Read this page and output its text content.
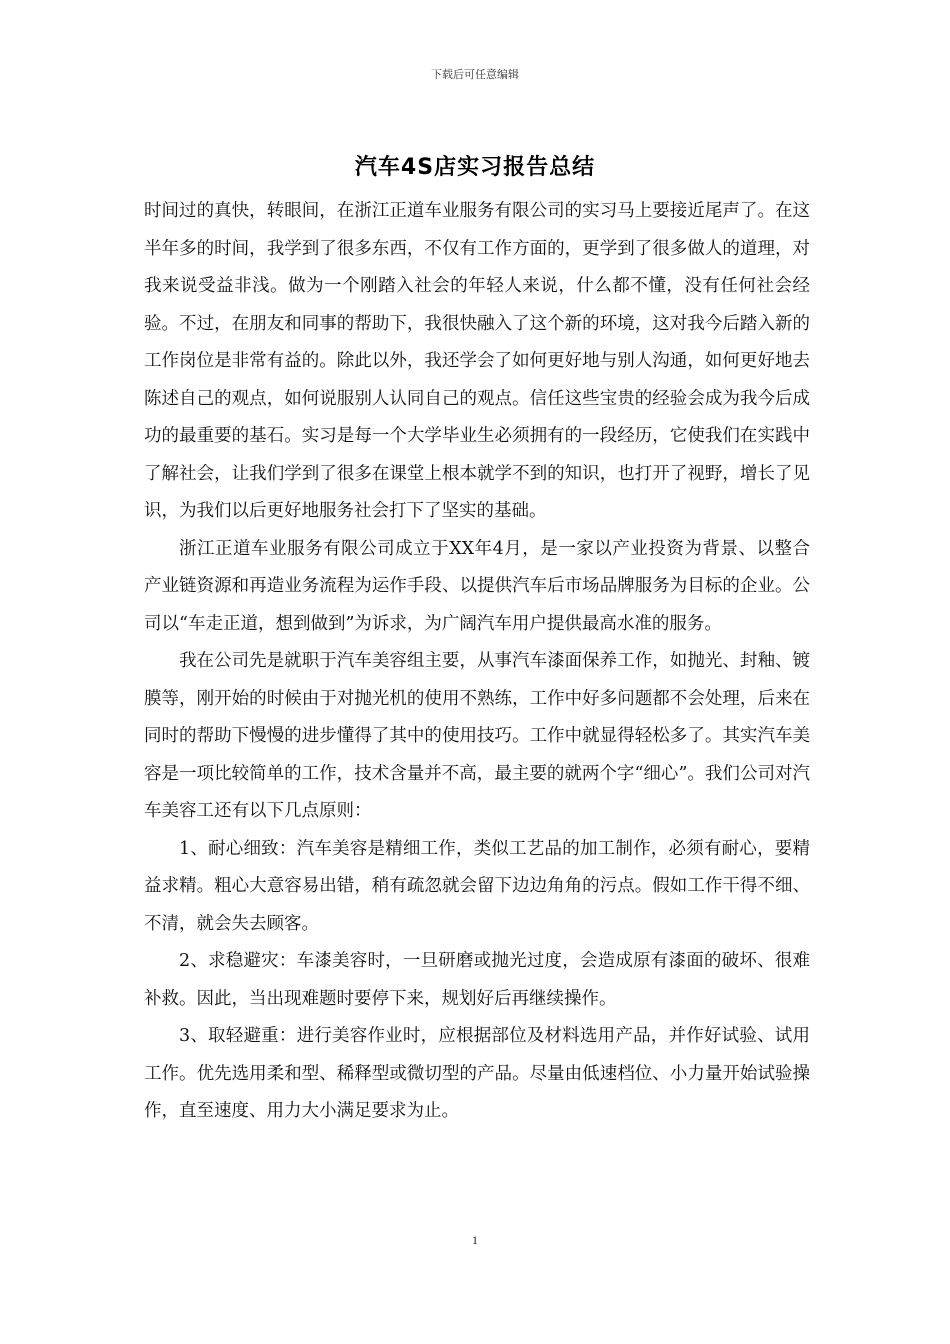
下载后可任意编辑
汽车4S店实习报告总结

时间过的真快，转眼间，在浙江正道车业服务有限公司的实习马上要接近尾声了。在这半年多的时间，我学到了很多东西，不仅有工作方面的，更学到了很多做人的道理，对我来说受益非浅。做为一个刚踏入社会的年轻人来说，什么都不懂，没有任何社会经验。不过，在朋友和同事的帮助下，我很快融入了这个新的环境，这对我今后踏入新的工作岗位是非常有益的。除此以外，我还学会了如何更好地与别人沟通，如何更好地去陈述自己的观点，如何说服别人认同自己的观点。信任这些宝贵的经验会成为我今后成功的最重要的基石。实习是每一个大学毕业生必须拥有的一段经历，它使我们在实践中了解社会，让我们学到了很多在课堂上根本就学不到的知识，也打开了视野，增长了见识，为我们以后更好地服务社会打下了坚实的基础。

浙江正道车业服务有限公司成立于XX年4月，是一家以产业投资为背景、以整合产业链资源和再造业务流程为运作手段、以提供汽车后市场品牌服务为目标的企业。公司以“车走正道，想到做到”为诉求，为广阔汽车用户提供最高水准的服务。

我在公司先是就职于汽车美容组主要，从事汽车漆面保养工作，如抛光、封釉、镀膜等，刚开始的时候由于对抛光机的使用不熟练，工作中好多问题都不会处理，后来在同时的帮助下慢慢的进步懂得了其中的使用技巧。工作中就显得轻松多了。其实汽车美容是一项比较简单的工作，技术含量并不高，最主要的就两个字“细心”。我们公司对汽车美容工还有以下几点原则：

1、耐心细致：汽车美容是精细工作，类似工艺品的加工制作，必须有耐心，要精益求精。粗心大意容易出错，稍有疏忽就会留下边边角角的污点。假如工作干得不细、不清，就会失去顾客。

2、求稳避灾：车漆美容时，一旦研磨或抛光过度，会造成原有漆面的破坏、很难补救。因此，当出现难题时要停下来，规划好后再继续操作。

3、取轻避重：进行美容作业时，应根据部位及材料选用产品，并作好试验、试用工作。优先选用柔和型、稀释型或微切型的产品。尽量由低速档位、小力量开始试验操作，直至速度、用力大小满足要求为止。

1
